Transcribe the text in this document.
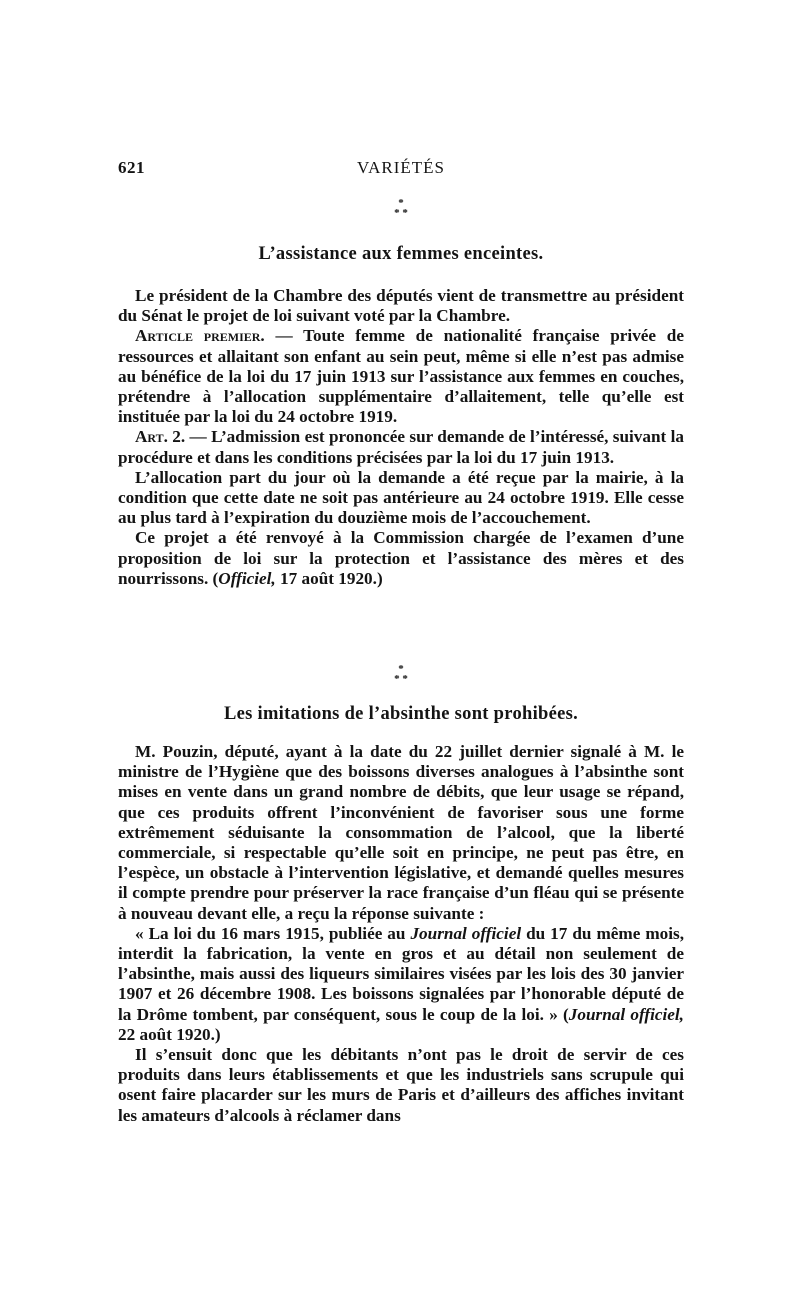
621	VARIÉTÉS
*
* *
L’assistance aux femmes enceintes.

Le président de la Chambre des députés vient de transmettre au président du Sénat le projet de loi suivant voté par la Chambre.

Article premier. — Toute femme de nationalité française privée de ressources et allaitant son enfant au sein peut, même si elle n’est pas admise au bénéfice de la loi du 17 juin 1913 sur l’assistance aux femmes en couches, prétendre à l’allocation supplémentaire d’allaitement, telle qu’elle est instituée par la loi du 24 octobre 1919.

Art. 2. — L’admission est prononcée sur demande de l’intéressé, suivant la procédure et dans les conditions précisées par la loi du 17 juin 1913.

L’allocation part du jour où la demande a été reçue par la mairie, à la condition que cette date ne soit pas antérieure au 24 octobre 1919. Elle cesse au plus tard à l’expiration du douzième mois de l’accouchement.

Ce projet a été renvoyé à la Commission chargée de l’examen d’une proposition de loi sur la protection et l’assistance des mères et des nourrissons. (Officiel, 17 août 1920.)

*
* *
Les imitations de l’absinthe sont prohibées.

M. Pouzin, député, ayant à la date du 22 juillet dernier signalé à M. le ministre de l’Hygiène que des boissons diverses analogues à l’absinthe sont mises en vente dans un grand nombre de débits, que leur usage se répand, que ces produits offrent l’inconvénient de favoriser sous une forme extrêmement séduisante la consommation de l’alcool, que la liberté commerciale, si respectable qu’elle soit en principe, ne peut pas être, en l’espèce, un obstacle à l’intervention législative, et demandé quelles mesures il compte prendre pour préserver la race française d’un fléau qui se présente à nouveau devant elle, a reçu la réponse suivante :

« La loi du 16 mars 1915, publiée au Journal officiel du 17 du même mois, interdit la fabrication, la vente en gros et au détail non seulement de l’absinthe, mais aussi des liqueurs similaires visées par les lois des 30 janvier 1907 et 26 décembre 1908. Les boissons signalées par l’honorable député de la Drôme tombent, par conséquent, sous le coup de la loi. » (Journal officiel, 22 août 1920.)

Il s’ensuit donc que les débitants n’ont pas le droit de servir de ces produits dans leurs établissements et que les industriels sans scrupule qui osent faire placarder sur les murs de Paris et d’ailleurs des affiches invitant les amateurs d’alcools à réclamer dans
